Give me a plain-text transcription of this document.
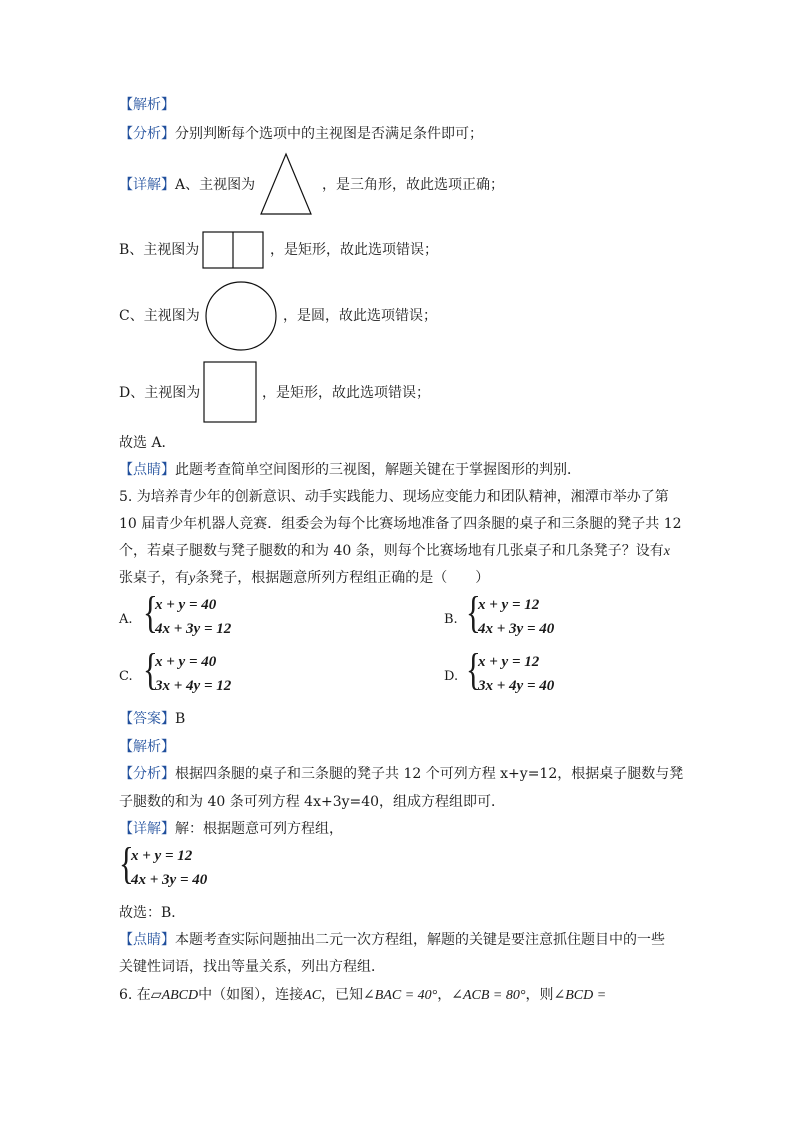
【解析】
【分析】分别判断每个选项中的主视图是否满足条件即可；
【详解】A、主视图为	，是三角形，故此选项正确；
B、主视图为	，是矩形，故此选项错误；
C、主视图为	，是圆，故此选项错误；
D、主视图为	，是矩形，故此选项错误；
故选 A．
【点睛】此题考查简单空间图形的三视图，解题关键在于掌握图形的判别．
5. 为培养青少年的创新意识、动手实践能力、现场应变能力和团队精神，湘潭市举办了第
10 届青少年机器人竞赛．组委会为每个比赛场地准备了四条腿的桌子和三条腿的凳子共 12
个，若桌子腿数与凳子腿数的和为 40 条，则每个比赛场地有几张桌子和几条凳子？设有x
张桌子，有y条凳子，根据题意所列方程组正确的是（　　）
A. {
x + y = 40
4x + 3y = 12
B. {
x + y = 12
4x + 3y = 40
C. {
x + y = 40
3x + 4y = 12
D. {
x + y = 12
3x + 4y = 40
【答案】B
【解析】
【分析】根据四条腿的桌子和三条腿的凳子共 12 个可列方程 x+y=12，根据桌子腿数与凳
子腿数的和为 40 条可列方程 4x+3y=40，组成方程组即可．
【详解】解：根据题意可列方程组，
{
x + y = 12
4x + 3y = 40
故选：B．
【点睛】本题考查实际问题抽出二元一次方程组，解题的关键是要注意抓住题目中的一些
关键性词语，找出等量关系，列出方程组．
6. 在▱ABCD中（如图），连接AC，已知∠BAC = 40°，∠ACB = 80°，则∠BCD =
